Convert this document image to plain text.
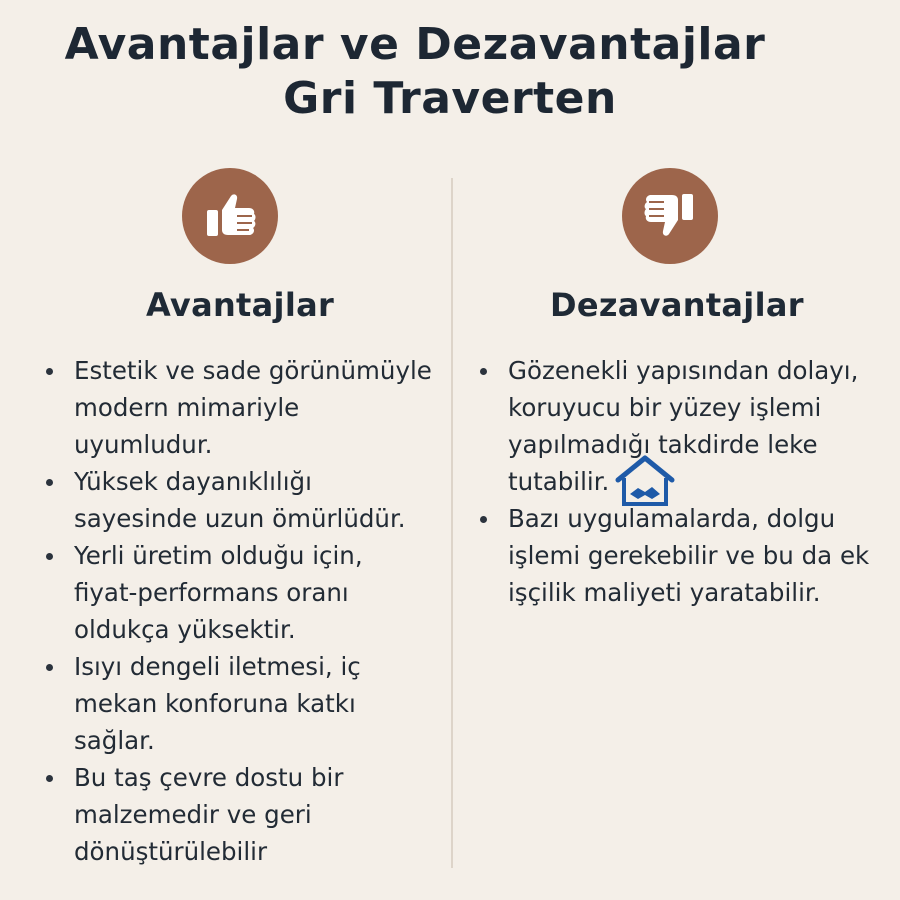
Avantajlar ve Dezavantajlar
Gri Traverten
Avantajlar
Estetik ve sade görünümüyle
modern mimariyle
uyumludur.
Yüksek dayanıklılığı
sayesinde uzun ömürlüdür.
Yerli üretim olduğu için,
fiyat-performans oranı
oldukça yüksektir.
Isıyı dengeli iletmesi, iç
mekan konforuna katkı
sağlar.
Bu taş çevre dostu bir
malzemedir ve geri
dönüştürülebilir
Dezavantajlar
Gözenekli yapısından dolayı,
koruyucu bir yüzey işlemi
yapılmadığı takdirde leke
tutabilir.
Bazı uygulamalarda, dolgu
işlemi gerekebilir ve bu da ek
işçilik maliyeti yaratabilir.
